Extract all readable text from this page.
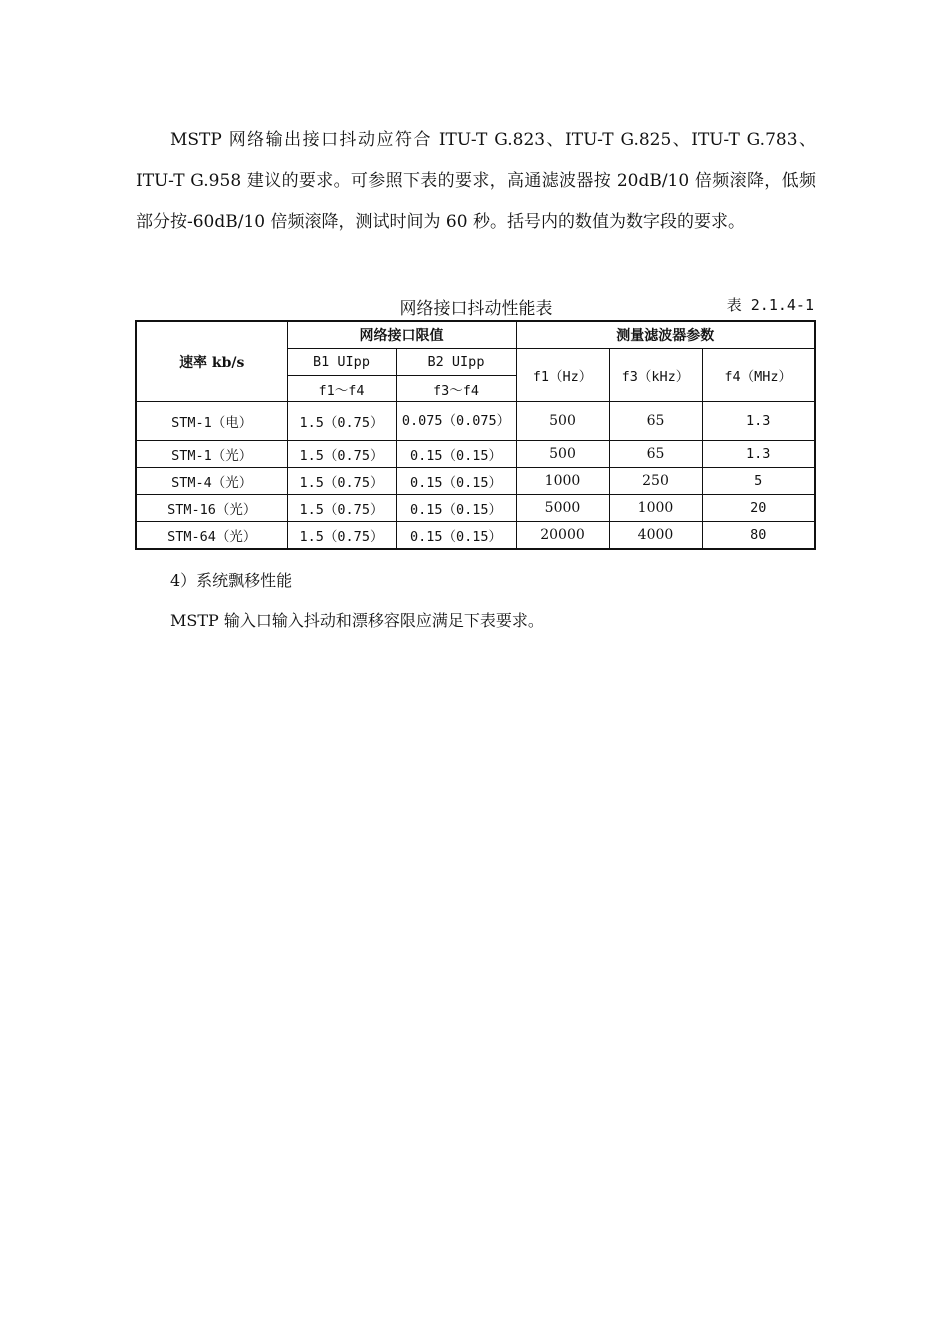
MSTP 网络输出接口抖动应符合 ITU-T G.823、ITU-T G.825、ITU-T G.783、ITU-T G.958 建议的要求。可参照下表的要求，高通滤波器按 20dB/10 倍频滚降，低频部分按-60dB/10 倍频滚降，测试时间为 60 秒。括号内的数值为数字段的要求。

网络接口抖动性能表	表 2.1.4-1
速率 kb/s	网络接口限值		测量滤波器参数		
	B1 UIpp	B2 UIpp	f1（Hz）	f3（kHz）	f4（MHz）
	f1～f4	f3～f4			
STM-1（电）	1.5（0.75）	0.075（0.075）	500	65	1.3
STM-1（光）	1.5（0.75）	0.15（0.15）	500	65	1.3
STM-4（光）	1.5（0.75）	0.15（0.15）	1000	250	5
STM-16（光）	1.5（0.75）	0.15（0.15）	5000	1000	20
STM-64（光）	1.5（0.75）	0.15（0.15）	20000	4000	80

4）系统飘移性能

MSTP 输入口输入抖动和漂移容限应满足下表要求。
